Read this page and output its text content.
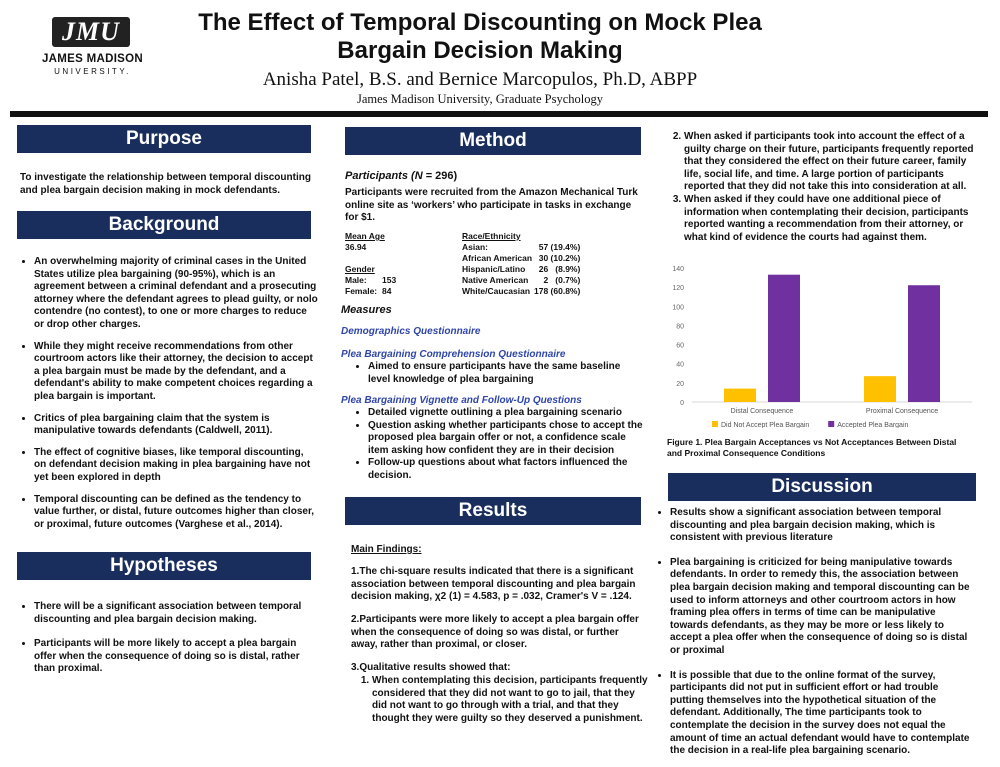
JMU
JAMES MADISON
UNIVERSITY.
The Effect of Temporal Discounting on Mock Plea
Bargain Decision Making
Anisha Patel, B.S. and Bernice Marcopulos, Ph.D, ABPP
James Madison University, Graduate Psychology
Purpose
To investigate the relationship between temporal discounting and plea bargain decision making in mock defendants.
Background
• An overwhelming majority of criminal cases in the United States utilize plea bargaining (90-95%), which is an agreement between a criminal defendant and a prosecuting attorney where the defendant agrees to plead guilty, or nolo contendre (no contest), to one or more charges to reduce or drop other charges.
• While they might receive recommendations from other courtroom actors like their attorney, the decision to accept a plea bargain must be made by the defendant, and a defendant's ability to make competent choices regarding a plea bargain is important.
• Critics of plea bargaining claim that the system is manipulative towards defendants (Caldwell, 2011).
• The effect of cognitive biases, like temporal discounting, on defendant decision making in plea bargaining have not yet been explored in depth
• Temporal discounting can be defined as the tendency to value further, or distal, future outcomes higher than closer, or proximal, future outcomes (Varghese et al., 2014).
Hypotheses
• There will be a significant association between temporal discounting and plea bargain decision making.
• Participants will be more likely to accept a plea bargain offer when the consequence of doing so is distal, rather than proximal.
Method
Participants (N = 296)
Participants were recruited from the Amazon Mechanical Turk online site as ‘workers’ who participate in tasks in exchange for $1.
Mean Age	
36.94	

Gender	
Male:	153
Female:	84
Race/Ethnicity	
Asian:	57 (19.4%)
African American	30 (10.2%)
Hispanic/Latino	26   (8.9%)
Native American	2   (0.7%)
White/Caucasian	178 (60.8%)
Measures
Demographics Questionnaire
Plea Bargaining Comprehension Questionnaire
• Aimed to ensure participants have the same baseline level knowledge of plea bargaining
Plea Bargaining Vignette and Follow-Up Questions
• Detailed vignette outlining a plea bargaining scenario
• Question asking whether participants chose to accept the proposed plea bargain offer or not, a confidence scale item asking how confident they are in their decision
• Follow-up questions about what factors influenced the decision.
Results
Main Findings:
1.The chi-square results indicated that there is a significant association between temporal discounting and plea bargain decision making, χ2 (1) = 4.583, p = .032, Cramer's V = .124.
2.Participants were more likely to accept a plea bargain offer when the consequence of doing so was distal, or further away, rather than proximal, or closer.
3.Qualitative results showed that:
1. When contemplating this decision, participants frequently considered that they did not want to go to jail, that they did not want to go through with a trial, and that they thought they were guilty so they deserved a punishment.
2. When asked if participants took into account the effect of a guilty charge on their future, participants frequently reported that they considered the effect on their future career, family life, social life, and time. A large portion of participants reported that they did not take this into consideration at all.
3. When asked if they could have one additional piece of information when contemplating their decision, participants reported wanting a recommendation from their attorney, or what kind of evidence the courts had against them.
0
20
40
60
80
100
120
140
Distal Consequence	Proximal Consequence
Did Not Accept Plea Bargain	Accepted Plea Bargain
Figure 1. Plea Bargain Acceptances vs Not Acceptances Between Distal and Proximal Consequence Conditions
Discussion
• Results show a significant association between temporal discounting and plea bargain decision making, which is consistent with previous literature
• Plea bargaining is criticized for being manipulative towards defendants. In order to remedy this, the association between plea bargain decision making and temporal discounting can be used to inform attorneys and other courtroom actors in how framing plea offers in terms of time can be manipulative towards defendants, as they may be more or less likely to accept a plea offer when the consequence of doing so is distal or proximal
• It is possible that due to the online format of the survey, participants did not put in sufficient effort or had trouble putting themselves into the hypothetical situation of the defendant. Additionally, The time participants took to contemplate the decision in the survey does not equal the amount of time an actual defendant would have to contemplate the decision in a real-life plea bargaining scenario.
